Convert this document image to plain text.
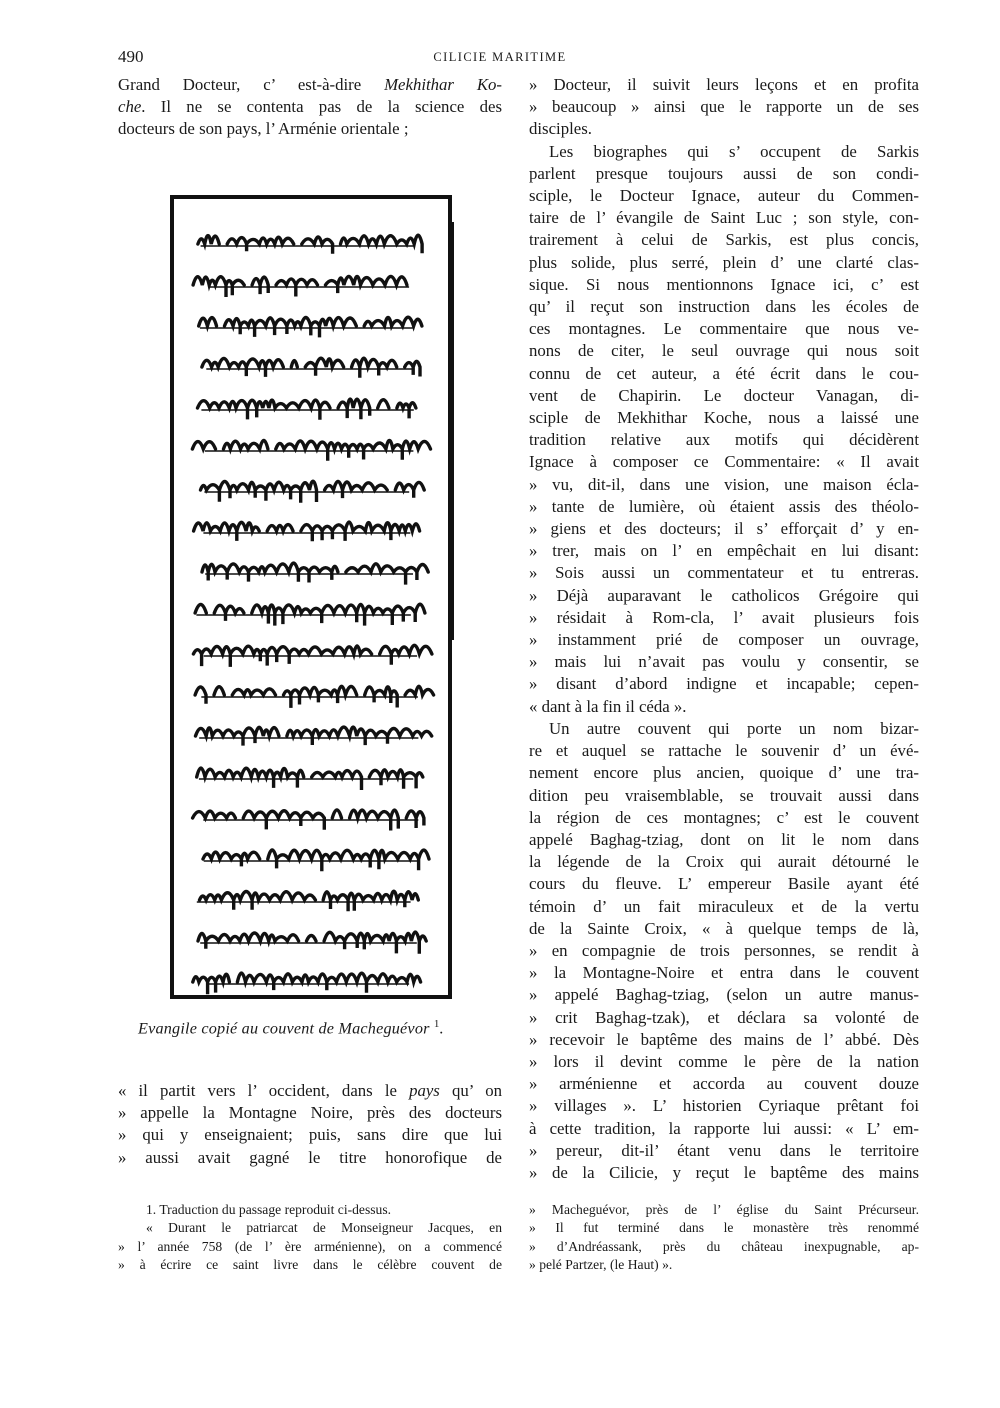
490	CILICIE MARITIME
Grand Docteur, c’ est-à-dire Mekhithar Ko-
che. Il ne se contenta pas de la science des
docteurs de son pays, l’ Arménie orientale ;
Evangile copié au couvent de Macheguévor $^1$.
« il partit vers l’ occident, dans le pays qu’ on
» appelle la Montagne Noire, près des docteurs
» qui y enseignaient; puis, sans dire que lui
» aussi avait gagné le titre honorofique de
» Docteur, il suivit leurs leçons et en profita
» beaucoup » ainsi que le rapporte un de ses
disciples.
Les biographes qui s’ occupent de Sarkis
parlent presque toujours aussi de son condi-
sciple, le Docteur Ignace, auteur du Commen-
taire de l’ évangile de Saint Luc ; son style, con-
trairement à celui de Sarkis, est plus concis,
plus solide, plus serré, plein d’ une clarté clas-
sique. Si nous mentionnons Ignace ici, c’ est
qu’ il reçut son instruction dans les écoles de
ces montagnes. Le commentaire que nous ve-
nons de citer, le seul ouvrage qui nous soit
connu de cet auteur, a été écrit dans le cou-
vent de Chapirin. Le docteur Vanagan, di-
sciple de Mekhithar Koche, nous a laissé une
tradition relative aux motifs qui décidèrent
Ignace à composer ce Commentaire: « Il avait
» vu, dit-il, dans une vision, une maison écla-
» tante de lumière, où étaient assis des théolo-
» giens et des docteurs; il s’ efforçait d’ y en-
» trer, mais on l’ en empêchait en lui disant:
» Sois aussi un commentateur et tu entreras.
» Déjà auparavant le catholicos Grégoire qui
» résidait à Rom-cla, l’ avait plusieurs fois
» instamment prié de composer un ouvrage,
» mais lui n’avait pas voulu y consentir, se
» disant d’abord indigne et incapable; cepen-
« dant à la fin il céda ».
Un autre couvent qui porte un nom bizar-
re et auquel se rattache le souvenir d’ un évé-
nement encore plus ancien, quoique d’ une tra-
dition peu vraisemblable, se trouvait aussi dans
la région de ces montagnes; c’ est le couvent
appelé Baghag-tziag, dont on lit le nom dans
la légende de la Croix qui aurait détourné le
cours du fleuve. L’ empereur Basile ayant été
témoin d’ un fait miraculeux et de la vertu
de la Sainte Croix, « à quelque temps de là,
» en compagnie de trois personnes, se rendit à
» la Montagne-Noire et entra dans le couvent
» appelé Baghag-tziag, (selon un autre manus-
» crit Baghag-tzak), et déclara sa volonté de
» recevoir le baptême des mains de l’ abbé. Dès
» lors il devint comme le père de la nation
» arménienne et accorda au couvent douze
» villages ». L’ historien Cyriaque prêtant foi
à cette tradition, la rapporte lui aussi: « L’ em-
» pereur, dit-il’ étant venu dans le territoire
» de la Cilicie, y reçut le baptême des mains
1. Traduction du passage reproduit ci-dessus.
« Durant le patriarcat de Monseigneur Jacques, en
» l’ année 758 (de l’ ère arménienne), on a commencé
» à écrire ce saint livre dans le célèbre couvent de
» Macheguévor, près de l’ église du Saint Précurseur.
» Il fut terminé dans le monastère très renommé
» d’Andréassank, près du château inexpugnable, ap-
» pelé Partzer, (le Haut) ».
